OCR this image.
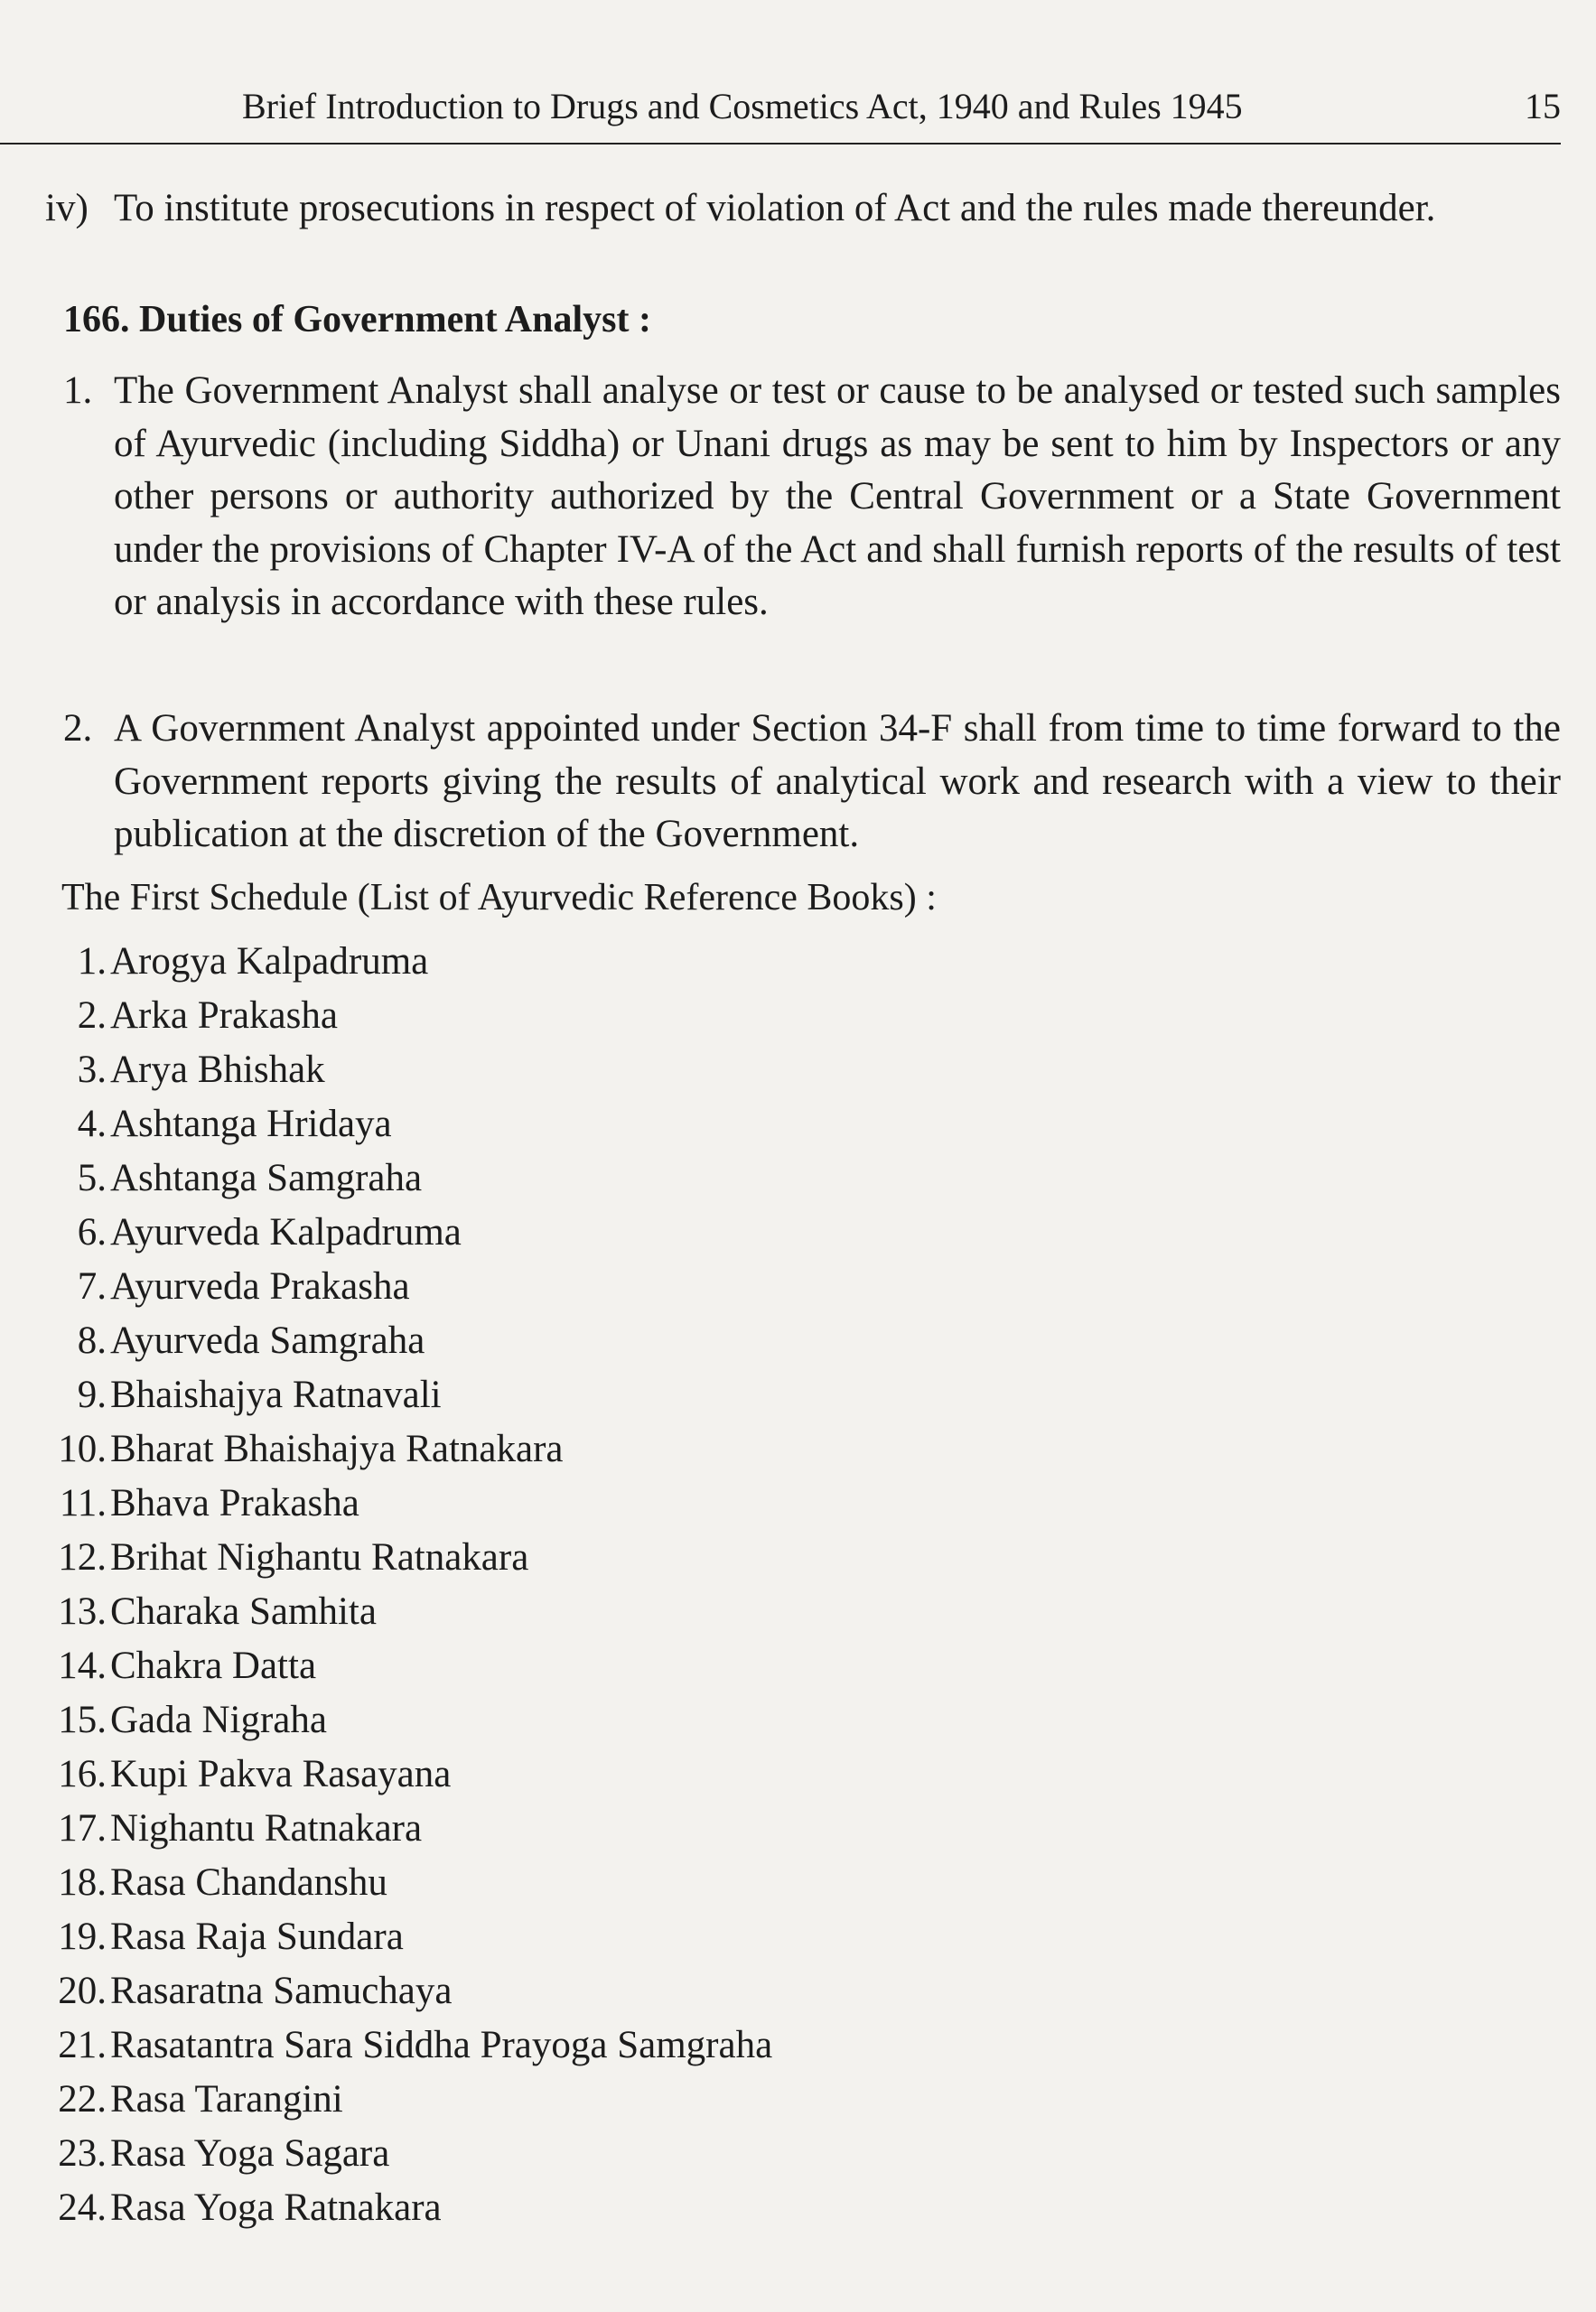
Brief Introduction to Drugs and Cosmetics Act, 1940 and Rules 1945	15
iv) To institute prosecutions in respect of violation of Act and the rules made thereunder.

166. Duties of Government Analyst :
1. The Government Analyst shall analyse or test or cause to be analysed or tested such samples of Ayurvedic (including Siddha) or Unani drugs as may be sent to him by Inspectors or any other persons or authority authorized by the Central Government or a State Government under the provisions of Chapter IV-A of the Act and shall furnish reports of the results of test or analysis in accordance with these rules.

2. A Government Analyst appointed under Section 34-F shall from time to time forward to the Government reports giving the results of analytical work and research with a view to their publication at the discretion of the Government.

The First Schedule (List of Ayurvedic Reference Books) :

1.Arogya Kalpadruma
2.Arka Prakasha
3.Arya Bhishak
4.Ashtanga Hridaya
5.Ashtanga Samgraha
6.Ayurveda Kalpadruma
7.Ayurveda Prakasha
8.Ayurveda Samgraha
9.Bhaishajya Ratnavali
10.Bharat Bhaishajya Ratnakara
11.Bhava Prakasha
12.Brihat Nighantu Ratnakara
13.Charaka Samhita
14.Chakra Datta
15.Gada Nigraha
16.Kupi Pakva Rasayana
17.Nighantu Ratnakara
18.Rasa Chandanshu
19.Rasa Raja Sundara
20.Rasaratna Samuchaya
21.Rasatantra Sara Siddha Prayoga Samgraha
22.Rasa Tarangini
23.Rasa Yoga Sagara
24.Rasa Yoga Ratnakara
